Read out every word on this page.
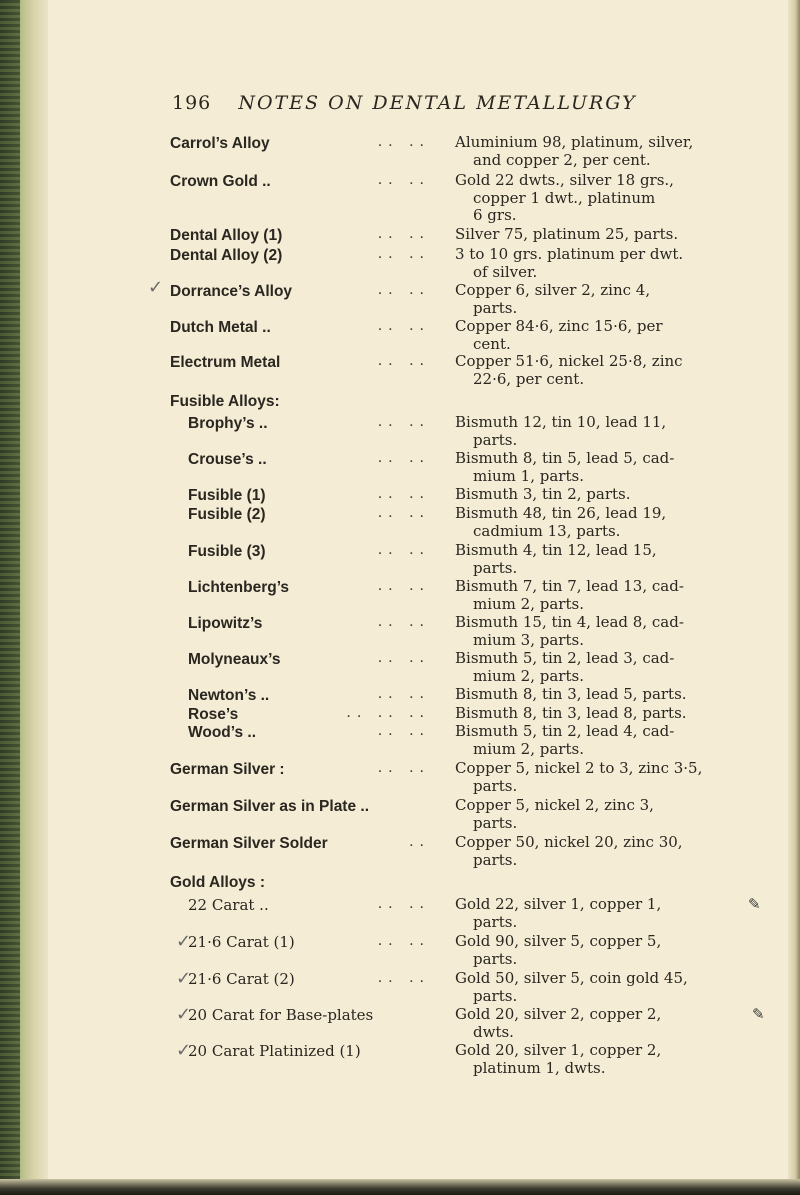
196 NOTES ON DENTAL METALLURGY
Carrol’s Alloy	.. .. Aluminium 98, platinum, silver,
and copper 2, per cent.
Crown Gold ..	.. .. Gold 22 dwts., silver 18 grs.,
copper 1 dwt., platinum
6 grs.
Dental Alloy (1)	.. .. Silver 75, platinum 25, parts.
Dental Alloy (2)	.. .. 3 to 10 grs. platinum per dwt.
of silver.
✓ Dorrance’s Alloy	.. .. Copper 6, silver 2, zinc 4,
parts.
Dutch Metal ..	.. .. Copper 84·6, zinc 15·6, per
cent.
Electrum Metal	.. .. Copper 51·6, nickel 25·8, zinc
22·6, per cent.
Fusible Alloys:
Brophy’s ..	.. .. Bismuth 12, tin 10, lead 11,
parts.
Crouse’s ..	.. .. Bismuth 8, tin 5, lead 5, cad-
mium 1, parts.
Fusible (1)	.. .. Bismuth 3, tin 2, parts.
Fusible (2)	.. .. Bismuth 48, tin 26, lead 19,
cadmium 13, parts.
Fusible (3)	.. .. Bismuth 4, tin 12, lead 15,
parts.
Lichtenberg’s	.. .. Bismuth 7, tin 7, lead 13, cad-
mium 2, parts.
Lipowitz’s	.. .. Bismuth 15, tin 4, lead 8, cad-
mium 3, parts.
Molyneaux’s	.. .. Bismuth 5, tin 2, lead 3, cad-
mium 2, parts.
Newton’s ..	.. .. Bismuth 8, tin 3, lead 5, parts.
Rose’s	.. .. .. Bismuth 8, tin 3, lead 8, parts.
Wood’s ..	.. .. Bismuth 5, tin 2, lead 4, cad-
mium 2, parts.
German Silver :	.. .. Copper 5, nickel 2 to 3, zinc 3·5,
parts.
German Silver as in Plate ..	Copper 5, nickel 2, zinc 3,
parts.
German Silver Solder	.. Copper 50, nickel 20, zinc 30,
parts.
Gold Alloys :
22 Carat ..	.. .. Gold 22, silver 1, copper 1,
parts.
✎
✓
21·6 Carat (1)	.. .. Gold 90, silver 5, copper 5,
parts.
✓
21·6 Carat (2)	.. .. Gold 50, silver 5, coin gold 45,
parts.
✓
20 Carat for Base-plates	Gold 20, silver 2, copper 2,
dwts.
✎
✓
20 Carat Platinized (1)	Gold 20, silver 1, copper 2,
platinum 1, dwts.
